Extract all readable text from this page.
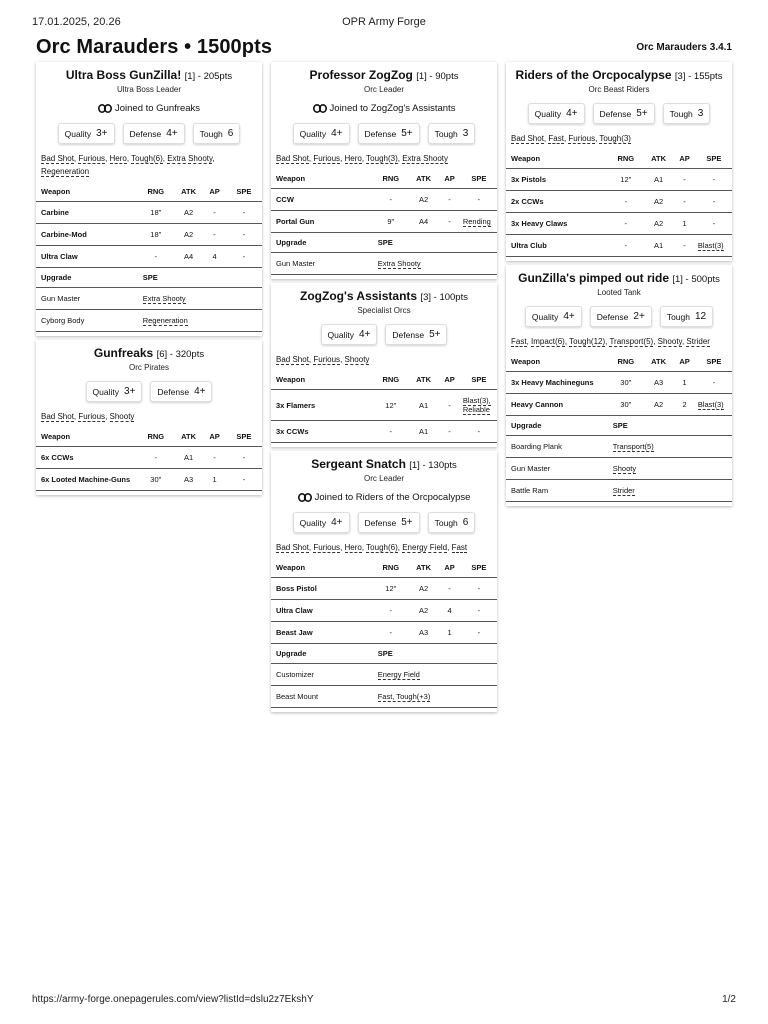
17.01.2025, 20.26	OPR Army Forge
Orc Marauders • 1500pts	Orc Marauders 3.4.1
Ultra Boss GunZilla! [1] - 205pts
Ultra Boss Leader
Joined to Gunfreaks
Quality 3+	Defense 4+	Tough 6
Bad Shot, Furious, Hero, Tough(6), Extra Shooty, Regeneration
Weapon	RNG	ATK	AP	SPE
Carbine	18"	A2	-	-
Carbine-Mod	18"	A2	-	-
Ultra Claw	-	A4	4	-
Upgrade	SPE			
Gun Master	Extra Shooty			
Cyborg Body	Regeneration			
Gunfreaks [6] - 320pts
Orc Pirates
Quality 3+	Defense 4+
Bad Shot, Furious, Shooty
Weapon	RNG	ATK	AP	SPE
6x CCWs	-	A1	-	-
6x Looted Machine-Guns	30"	A3	1	-
Professor ZogZog [1] - 90pts
Orc Leader
Joined to ZogZog's Assistants
Quality 4+	Defense 5+	Tough 3
Bad Shot, Furious, Hero, Tough(3), Extra Shooty
Weapon	RNG	ATK	AP	SPE
CCW	-	A2	-	-
Portal Gun	9"	A4	-	Rending
Upgrade	SPE			
Gun Master	Extra Shooty			
ZogZog's Assistants [3] - 100pts
Specialist Orcs
Quality 4+	Defense 5+
Bad Shot, Furious, Shooty
Weapon	RNG	ATK	AP	SPE
3x Flamers	12"	A1	-	Blast(3), Reliable
3x CCWs	-	A1	-	-
Sergeant Snatch [1] - 130pts
Orc Leader
Joined to Riders of the Orcpocalypse
Quality 4+	Defense 5+	Tough 6
Bad Shot, Furious, Hero, Tough(6), Energy Field, Fast
Weapon	RNG	ATK	AP	SPE
Boss Pistol	12"	A2	-	-
Ultra Claw	-	A2	4	-
Beast Jaw	-	A3	1	-
Upgrade	SPE			
Customizer	Energy Field			
Beast Mount	Fast, Tough(+3)			
Riders of the Orcpocalypse [3] - 155pts
Orc Beast Riders
Quality 4+	Defense 5+	Tough 3
Bad Shot, Fast, Furious, Tough(3)
Weapon	RNG	ATK	AP	SPE
3x Pistols	12"	A1	-	-
2x CCWs	-	A2	-	-
3x Heavy Claws	-	A2	1	-
Ultra Club	-	A1	-	Blast(3)
GunZilla's pimped out ride [1] - 500pts
Looted Tank
Quality 4+	Defense 2+	Tough 12
Fast, Impact(6), Tough(12), Transport(5), Shooty, Strider
Weapon	RNG	ATK	AP	SPE
3x Heavy Machineguns	30"	A3	1	-
Heavy Cannon	30"	A2	2	Blast(3)
Upgrade	SPE			
Boarding Plank	Transport(5)			
Gun Master	Shooty			
Battle Ram	Strider			
https://army-forge.onepagerules.com/view?listId=dslu2z7EkshY	1/2
